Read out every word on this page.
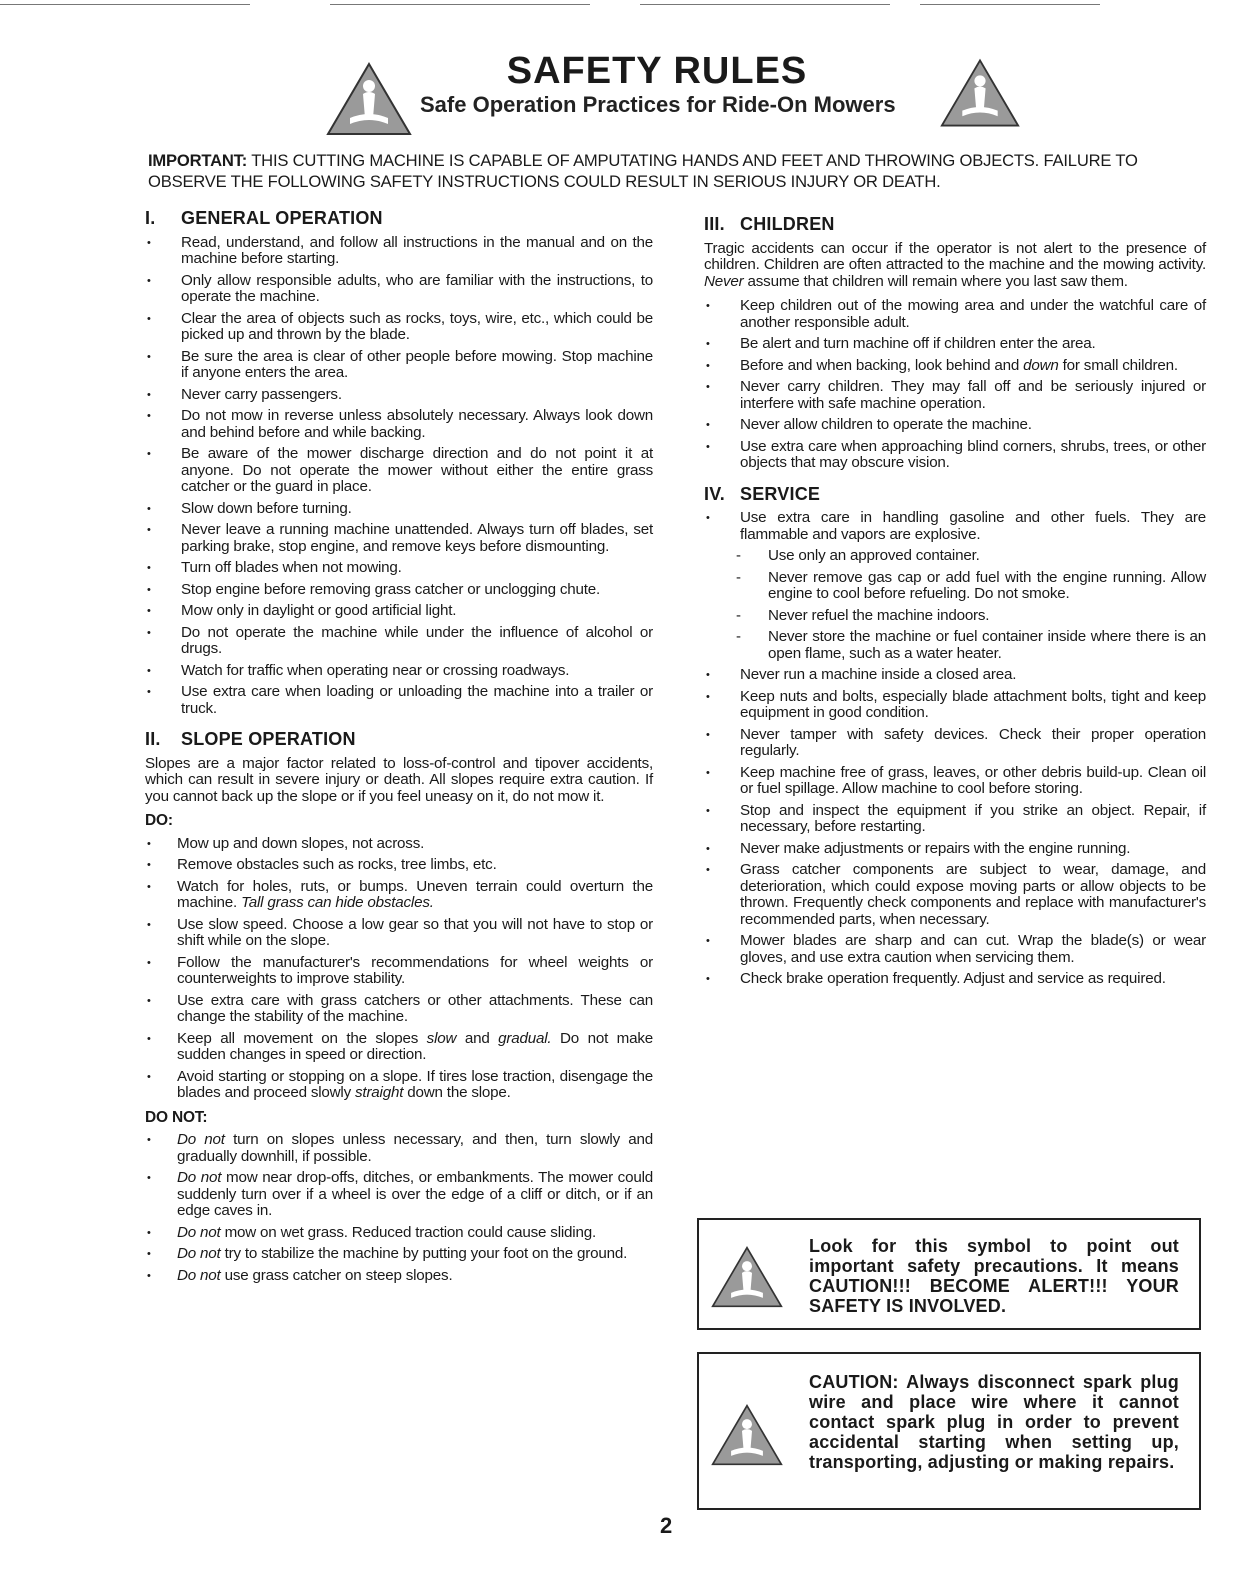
SAFETY RULES
Safe Operation Practices for Ride-On Mowers
IMPORTANT: THIS CUTTING MACHINE IS CAPABLE OF AMPUTATING HANDS AND FEET AND THROWING OBJECTS. FAILURE TO OBSERVE THE FOLLOWING SAFETY INSTRUCTIONS COULD RESULT IN SERIOUS INJURY OR DEATH.
I. GENERAL OPERATION
• Read, understand, and follow all instructions in the manual and on the machine before starting.
• Only allow responsible adults, who are familiar with the instructions, to operate the machine.
• Clear the area of objects such as rocks, toys, wire, etc., which could be picked up and thrown by the blade.
• Be sure the area is clear of other people before mowing. Stop machine if anyone enters the area.
• Never carry passengers.
• Do not mow in reverse unless absolutely necessary. Always look down and behind before and while backing.
• Be aware of the mower discharge direction and do not point it at anyone. Do not operate the mower without either the entire grass catcher or the guard in place.
• Slow down before turning.
• Never leave a running machine unattended. Always turn off blades, set parking brake, stop engine, and remove keys before dismounting.
• Turn off blades when not mowing.
• Stop engine before removing grass catcher or unclogging chute.
• Mow only in daylight or good artificial light.
• Do not operate the machine while under the influence of alcohol or drugs.
• Watch for traffic when operating near or crossing roadways.
• Use extra care when loading or unloading the machine into a trailer or truck.
II. SLOPE OPERATION

Slopes are a major factor related to loss-of-control and tipover accidents, which can result in severe injury or death. All slopes require extra caution. If you cannot back up the slope or if you feel uneasy on it, do not mow it.

DO:
• Mow up and down slopes, not across.
• Remove obstacles such as rocks, tree limbs, etc.
• Watch for holes, ruts, or bumps. Uneven terrain could overturn the machine. Tall grass can hide obstacles.
• Use slow speed. Choose a low gear so that you will not have to stop or shift while on the slope.
• Follow the manufacturer's recommendations for wheel weights or counterweights to improve stability.
• Use extra care with grass catchers or other attachments. These can change the stability of the machine.
• Keep all movement on the slopes slow and gradual. Do not make sudden changes in speed or direction.
• Avoid starting or stopping on a slope. If tires lose traction, disengage the blades and proceed slowly straight down the slope.
DO NOT:
• Do not turn on slopes unless necessary, and then, turn slowly and gradually downhill, if possible.
• Do not mow near drop-offs, ditches, or embankments. The mower could suddenly turn over if a wheel is over the edge of a cliff or ditch, or if an edge caves in.
• Do not mow on wet grass. Reduced traction could cause sliding.
• Do not try to stabilize the machine by putting your foot on the ground.
• Do not use grass catcher on steep slopes.
III. CHILDREN

Tragic accidents can occur if the operator is not alert to the presence of children. Children are often attracted to the machine and the mowing activity. Never assume that children will remain where you last saw them.

• Keep children out of the mowing area and under the watchful care of another responsible adult.
• Be alert and turn machine off if children enter the area.
• Before and when backing, look behind and down for small children.
• Never carry children. They may fall off and be seriously injured or interfere with safe machine operation.
• Never allow children to operate the machine.
• Use extra care when approaching blind corners, shrubs, trees, or other objects that may obscure vision.
IV. SERVICE
• Use extra care in handling gasoline and other fuels. They are flammable and vapors are explosive.
- Use only an approved container.
- Never remove gas cap or add fuel with the engine running. Allow engine to cool before refueling. Do not smoke.
- Never refuel the machine indoors.
- Never store the machine or fuel container inside where there is an open flame, such as a water heater.
• Never run a machine inside a closed area.
• Keep nuts and bolts, especially blade attachment bolts, tight and keep equipment in good condition.
• Never tamper with safety devices. Check their proper operation regularly.
• Keep machine free of grass, leaves, or other debris build-up. Clean oil or fuel spillage. Allow machine to cool before storing.
• Stop and inspect the equipment if you strike an object. Repair, if necessary, before restarting.
• Never make adjustments or repairs with the engine running.
• Grass catcher components are subject to wear, damage, and deterioration, which could expose moving parts or allow objects to be thrown. Frequently check components and replace with manufacturer's recommended parts, when necessary.
• Mower blades are sharp and can cut. Wrap the blade(s) or wear gloves, and use extra caution when servicing them.
• Check brake operation frequently. Adjust and service as required.
Look for this symbol to point out important safety precautions. It means CAUTION!!! BECOME ALERT!!! YOUR SAFETY IS INVOLVED.
CAUTION: Always disconnect spark plug wire and place wire where it cannot contact spark plug in order to prevent accidental starting when setting up, transporting, adjusting or making repairs.
2
